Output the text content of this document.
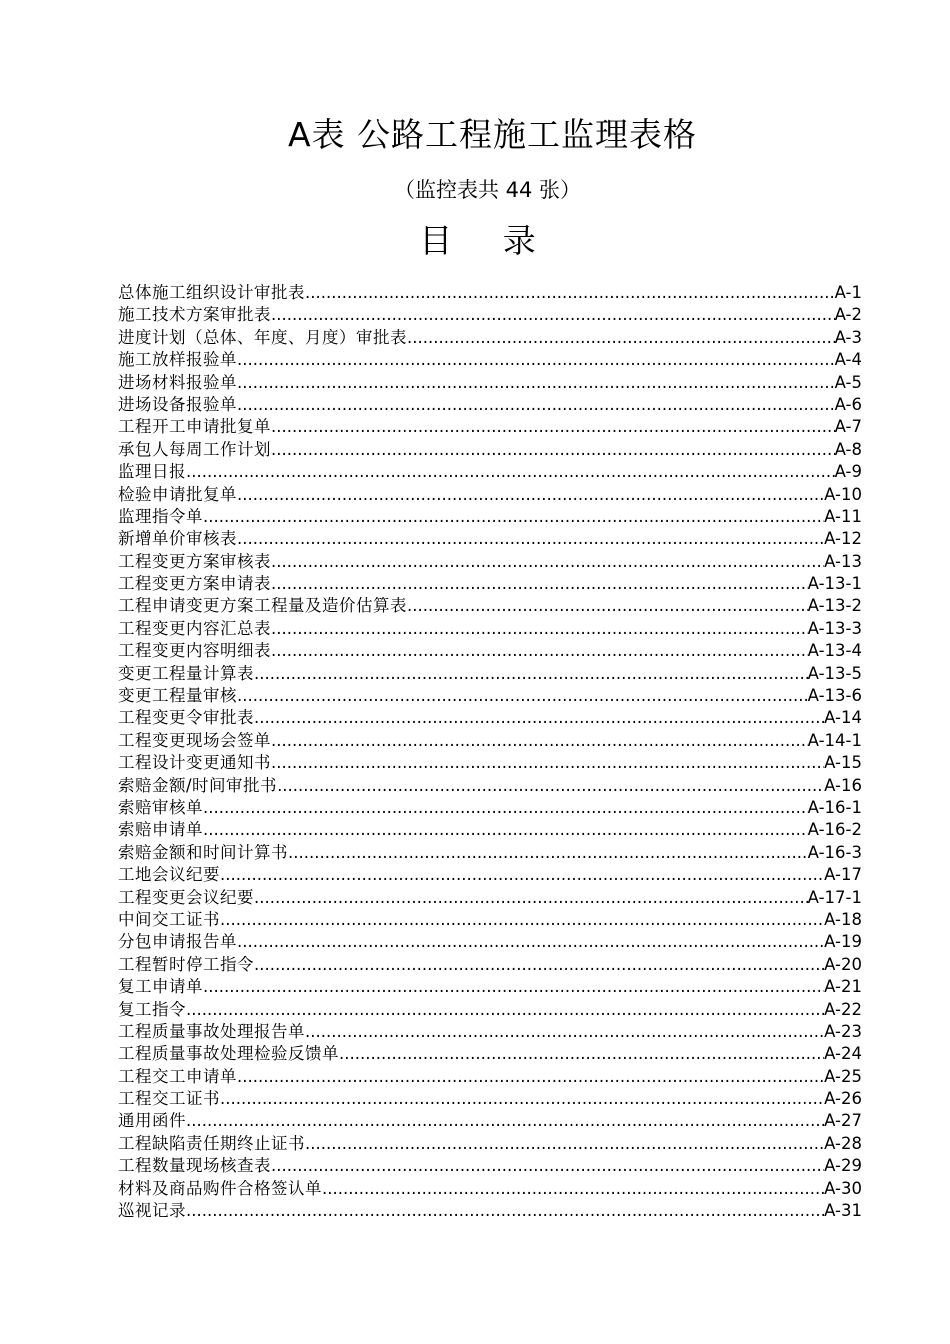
A表 公路工程施工监理表格
（监控表共 44 张）
目 录
总体施工组织设计审批表 .....	A-1
施工技术方案审批表 .....	A-2
进度计划（总体、年度、月度）审批表 .....	A-3
施工放样报验单 .....	A-4
进场材料报验单 .....	A-5
进场设备报验单 .....	A-6
工程开工申请批复单 .....	A-7
承包人每周工作计划 .....	A-8
监理日报 .....	A-9
检验申请批复单 .....	A-10
监理指令单 .....	A-11
新增单价审核表 .....	A-12
工程变更方案审核表 .....	A-13
工程变更方案申请表 .....	A-13-1
工程申请变更方案工程量及造价估算表 .....	A-13-2
工程变更内容汇总表 .....	A-13-3
工程变更内容明细表 .....	A-13-4
变更工程量计算表 .....	A-13-5
变更工程量审核 .....	A-13-6
工程变更令审批表 .....	A-14
工程变更现场会签单 .....	A-14-1
工程设计变更通知书 .....	A-15
索赔金额/时间审批书 .....	A-16
索赔审核单 .....	A-16-1
索赔申请单 .....	A-16-2
索赔金额和时间计算书 .....	A-16-3
工地会议纪要 .....	A-17
工程变更会议纪要 .....	A-17-1
中间交工证书 .....	A-18
分包申请报告单 .....	A-19
工程暂时停工指令 .....	A-20
复工申请单 .....	A-21
复工指令 .....	A-22
工程质量事故处理报告单 .....	A-23
工程质量事故处理检验反馈单 .....	A-24
工程交工申请单 .....	A-25
工程交工证书 .....	A-26
通用函件 .....	A-27
工程缺陷责任期终止证书 .....	A-28
工程数量现场核查表 .....	A-29
材料及商品购件合格签认单 .....	A-30
巡视记录 .....	A-31
